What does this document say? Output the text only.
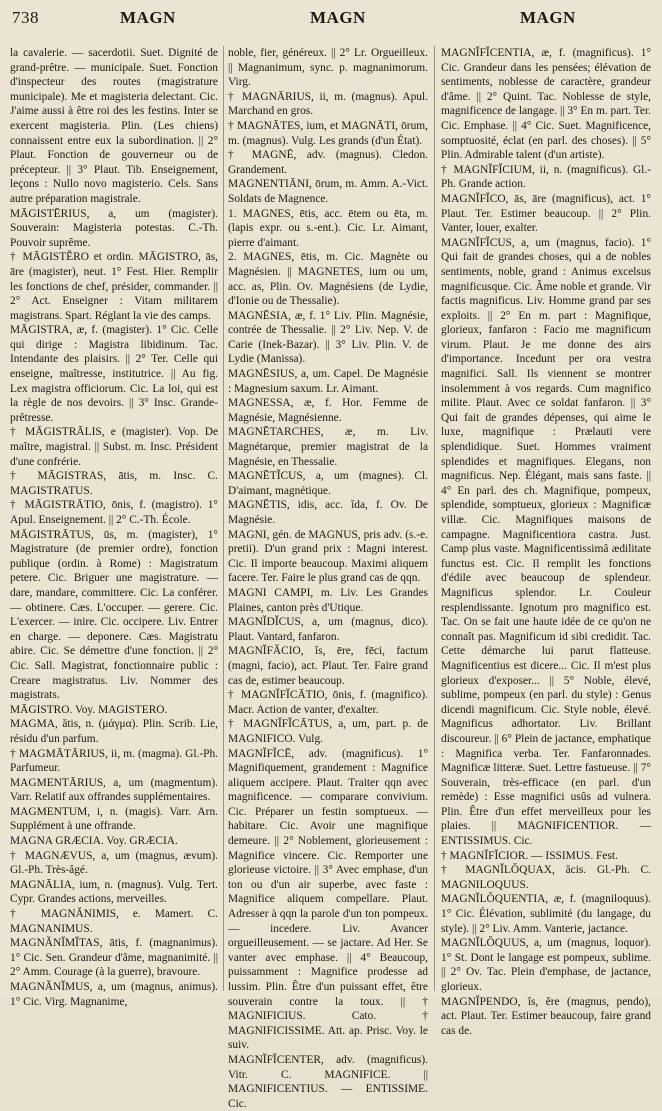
738	MAGN	MAGN	MAGN

la cavalerie. — sacerdotii. Suet. Dignité de grand-prêtre. — municipale. Suet. Fonction d'inspecteur des routes (magistrature municipale). Me et magisteria delectant. Cic. J'aime aussi à être roi des les festins. Inter se exercent magisteria. Plin. (Les chiens) connaissent entre eux la subordination. || 2° Plaut. Fonction de gouverneur ou de précepteur. || 3° Plaut. Tib. Enseignement, leçons : Nullo novo magisterio. Cels. Sans autre préparation magistrale.

MĀGISTĒRIUS, a, um (magister). Souverain: Magisteria potestas. C.-Th. Pouvoir suprême.

† MĀGISTĔRO et ordin. MĀGISTRO, ās, āre (magister), neut. 1° Fest. Hier. Remplir les fonctions de chef, présider, commander. || 2° Act. Enseigner : Vitam militarem magistrans. Spart. Réglant la vie des camps.

MĀGISTRA, æ, f. (magister). 1° Cic. Celle qui dirige : Magistra libidinum. Tac. Intendante des plaisirs. || 2° Ter. Celle qui enseigne, maîtresse, institutrice. || Au fig. Lex magistra officiorum. Cic. La loi, qui est la règle de nos devoirs. || 3° Insc. Grande-prêtresse.

† MĀGISTRĀLIS, e (magister). Vop. De maître, magistral. || Subst. m. Insc. Président d'une confrérie.

† MĀGISTRAS, ātis, m. Insc. C. MAGISTRATUS.

† MĀGISTRĀTIO, ōnis, f. (magistro). 1° Apul. Enseignement. || 2° C.-Th. École.

MĀGISTRĀTUS, ūs, m. (magister), 1° Magistrature (de premier ordre), fonction publique (ordin. à Rome) : Magistratum petere. Cic. Briguer une magistrature. — dare, mandare, committere. Cic. La conférer. — obtinere. Cæs. L'occuper. — gerere. Cic. L'exercer. — inire. Cic. occipere. Liv. Entrer en charge. — deponere. Cæs. Magistratu abire. Cic. Se démettre d'une fonction. || 2° Cic. Sall. Magistrat, fonctionnaire public : Creare magistratus. Liv. Nommer des magistrats.

MĀGISTRO. Voy. MAGISTERO.

MAGMA, ătis, n. (μάγμα). Plin. Scrib. Lie, résidu d'un parfum.

† MAGMĀTĀRIUS, ii, m. (magma). Gl.-Ph. Parfumeur.

MAGMENTĀRIUS, a, um (magmentum). Varr. Relatif aux offrandes supplémentaires.

MAGMENTUM, i, n. (magis). Varr. Arn. Supplément à une offrande.

MAGNA GRÆCIA. Voy. GRÆCIA.

† MAGNÆVUS, a, um (magnus, ævum). Gl.-Ph. Très-âgé.

MAGNĀLIA, ium, n. (magnus). Vulg. Tert. Cypr. Grandes actions, merveilles.

† MAGNĂNIMIS, e. Mamert. C. MAGNANIMUS.

MAGNĂNĬMĬTAS, ātis, f. (magnanimus). 1° Cic. Sen. Grandeur d'âme, magnanimité. || 2° Amm. Courage (à la guerre), bravoure.

MAGNĂNĬMUS, a, um (magnus, animus). 1° Cic. Virg. Magnanime,

noble, fier, généreux. || 2° Lr. Orgueilleux. || Magnanimum, sync. p. magnanimorum. Virg.

† MAGNĀRIUS, ii, m. (magnus). Apul. Marchand en gros.

† MAGNĀTES, ium, et MAGNĀTI, ōrum, m. (magnus). Vulg. Les grands (d'un État).

† MAGNĒ, adv. (magnus). Cledon. Grandement.

MAGNENTIĀNI, ōrum, m. Amm. A.-Vict. Soldats de Magnence.

1. MAGNES, ētis, acc. ētem ou ēta, m. (lapis expr. ou s.-ent.). Cic. Lr. Aimant, pierre d'aimant.

2. MAGNES, ētis, m. Cic. Magnète ou Magnésien. || MAGNETES, ium ou um, acc. as, Plin. Ov. Magnésiens (de Lydie, d'Ionie ou de Thessalie).

MAGNĒSIA, æ, f. 1° Liv. Plin. Magnésie, contrée de Thessalie. || 2° Liv. Nep. V. de Carie (Inek-Bazar). || 3° Liv. Plin. V. de Lydie (Manissa).

MAGNĒSIUS, a, um. Capel. De Magnésie : Magnesium saxum. Lr. Aimant.

MAGNESSA, æ, f. Hor. Femme de Magnésie, Magnésienne.

MAGNĒTARCHES, æ, m. Liv. Magnétarque, premier magistrat de la Magnésie, en Thessalie.

MAGNĒTĬCUS, a, um (magnes). Cl. D'aimant, magnétique.

MAGNĒTIS, idis, acc. ĭda, f. Ov. De Magnésie.

MAGNI, gén. de MAGNUS, pris adv. (s.-e. pretii). D'un grand prix : Magni interest. Cic. Il importe beaucoup. Maximi aliquem facere. Ter. Faire le plus grand cas de qqn.

MAGNI CAMPI, m. Liv. Les Grandes Plaines, canton près d'Utique.

MAGNĬDĬCUS, a, um (magnus, dico). Plaut. Vantard, fanfaron.

MAGNĬFĂCIO, ĭs, ēre, fēci, factum (magni, facio), act. Plaut. Ter. Faire grand cas de, estimer beaucoup.

† MAGNĬFĬCĀTIO, ōnis, f. (magnifico). Macr. Action de vanter, d'exalter.

† MAGNĬFĬCĀTUS, a, um, part. p. de MAGNIFICO. Vulg.

MAGNĬFĬCĒ, adv. (magnificus). 1° Magnifiquement, grandement : Magnifice aliquem accipere. Plaut. Traiter qqn avec magnificence. — comparare convivium. Cic. Préparer un festin somptueux. — habitare. Cic. Avoir une magnifique demeure. || 2° Noblement, glorieusement : Magnifice vincere. Cic. Remporter une glorieuse victoire. || 3° Avec emphase, d'un ton ou d'un air superbe, avec faste : Magnifice aliquem compellare. Plaut. Adresser à qqn la parole d'un ton pompeux. — incedere. Liv. Avancer orgueilleusement. — se jactare. Ad Her. Se vanter avec emphase. || 4° Beaucoup, puissamment : Magnifice prodesse ad lussim. Plin. Être d'un puissant effet, être souverain contre la toux. || † MAGNIFICIUS. Cato. † MAGNIFICISSIME. Att. ap. Prisc. Voy. le suiv.

MAGNĬFĬCENTER, adv. (magnificus). Vitr. C. MAGNIFICE. || MAGNIFICENTIUS. — ENTISSIME. Cic.

MAGNĬFĬCENTIA, æ, f. (magnificus). 1° Cic. Grandeur dans les pensées; élévation de sentiments, noblesse de caractère, grandeur d'âme. || 2° Quint. Tac. Noblesse de style, magnificence de langage. || 3° En m. part. Ter. Cic. Emphase. || 4° Cic. Suet. Magnificence, somptuosité, éclat (en parl. des choses). || 5° Plin. Admirable talent (d'un artiste).

† MAGNĬFĬCIUM, ii, n. (magnificus). Gl.-Ph. Grande action.

MAGNĬFĬCO, ās, āre (magnificus), act. 1° Plaut. Ter. Estimer beaucoup. || 2° Plin. Vanter, louer, exalter.

MAGNĬFĬCUS, a, um (magnus, facio). 1° Qui fait de grandes choses, qui a de nobles sentiments, noble, grand : Animus excelsus magnificusque. Cic. Âme noble et grande. Vir factis magnificus. Liv. Homme grand par ses exploits. || 2° En m. part : Magnifique, glorieux, fanfaron : Facio me magnificum virum. Plaut. Je me donne des airs d'importance. Incedunt per ora vestra magnifici. Sall. Ils viennent se montrer insolemment à vos regards. Cum magnifico milite. Plaut. Avec ce soldat fanfaron. || 3° Qui fait de grandes dépenses, qui aime le luxe, magnifique : Prælauti vere splendidique. Suet. Hommes vraiment splendides et magnifiques. Elegans, non magnificus. Nep. Élégant, mais sans faste. || 4° En parl. des ch. Magnifique, pompeux, splendide, somptueux, glorieux : Magnificæ villæ. Cic. Magnifiques maisons de campagne. Magnificentiora castra. Just. Camp plus vaste. Magnificentissimâ ædilitate functus est. Cic. Il remplit les fonctions d'édile avec beaucoup de splendeur. Magnificus splendor. Lr. Couleur resplendissante. Ignotum pro magnifico est. Tac. On se fait une haute idée de ce qu'on ne connaît pas. Magnificum id sibi credidit. Tac. Cette démarche lui parut flatteuse. Magnificentius est dicere... Cic. Il m'est plus glorieux d'exposer... || 5° Noble, élevé, sublime, pompeux (en parl. du style) : Genus dicendi magnificum. Cic. Style noble, élevé. Magnificus adhortator. Liv. Brillant discoureur. || 6° Plein de jactance, emphatique : Magnifica verba. Ter. Fanfaronnades. Magnificæ litteræ. Suet. Lettre fastueuse. || 7° Souverain, très-efficace (en parl. d'un remède) : Esse magnifici usûs ad vulnera. Plin. Être d'un effet merveilleux pour les plaies. || MAGNIFICENTIOR. — ENTISSIMUS. Cic.

† MAGNĬFĬCIOR. — ISSIMUS. Fest.

† MAGNĬLŎQUAX, ăcis. Gl.-Ph. C. MAGNILOQUUS.

MAGNĬLŎQUENTIA, æ, f. (magniloquus). 1° Cic. Élévation, sublimité (du langage, du style). || 2° Liv. Amm. Vanterie, jactance.

MAGNĬLŎQUUS, a, um (magnus, loquor). 1° St. Dont le langage est pompeux, sublime. || 2° Ov. Tac. Plein d'emphase, de jactance, glorieux.

MAGNĬPENDO, ĭs, ĕre (magnus, pendo), act. Plaut. Ter. Estimer beaucoup, faire grand cas de.
